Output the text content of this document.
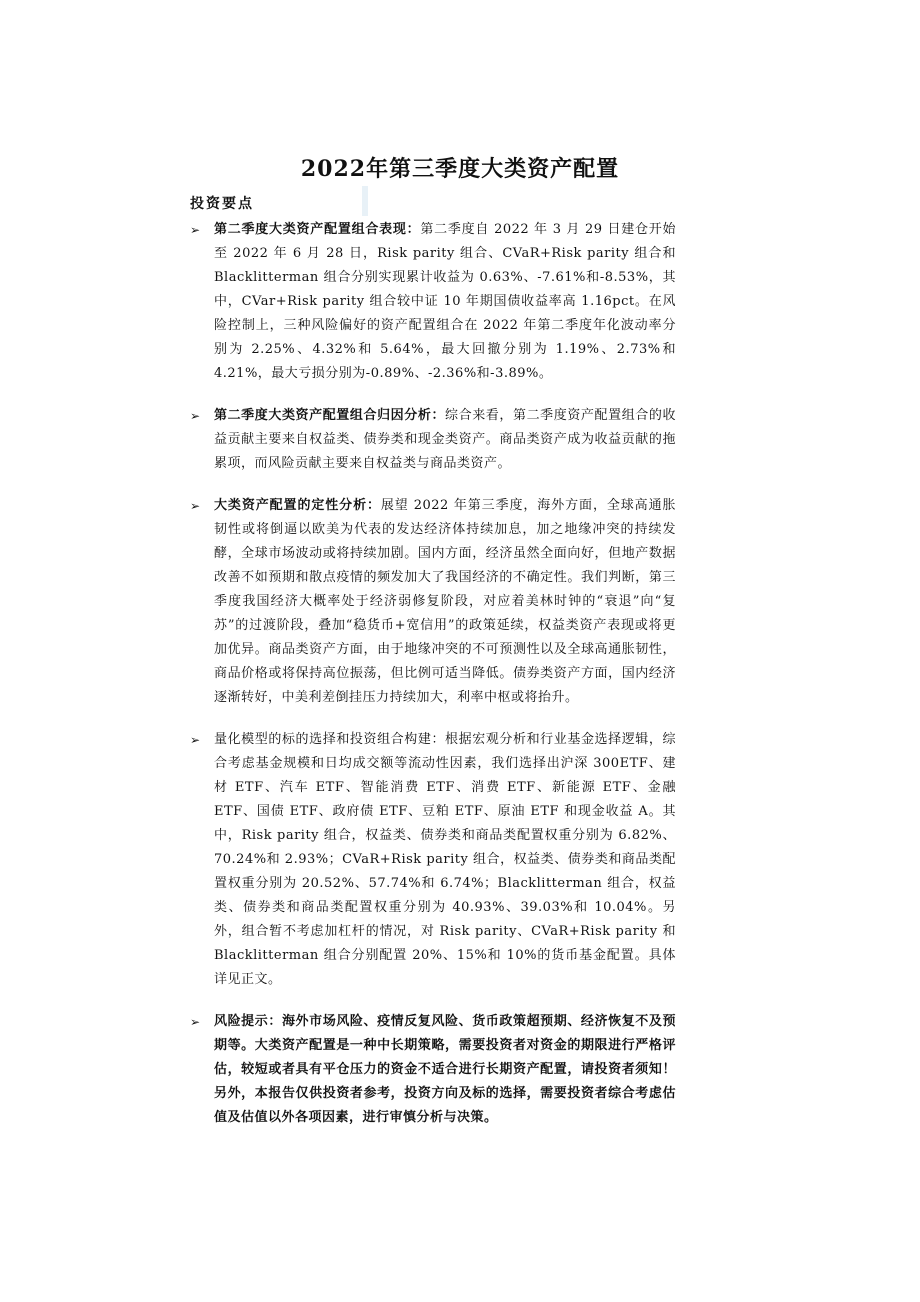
2022年第三季度大类资产配置
投资要点
➢ 第二季度大类资产配置组合表现：第二季度自 2022 年 3 月 29 日建仓开始至 2022 年 6 月 28 日，Risk parity 组合、CVaR+Risk parity 组合和 Blacklitterman 组合分别实现累计收益为 0.63%、-7.61%和-8.53%，其中，CVar+Risk parity 组合较中证 10 年期国债收益率高 1.16pct。在风险控制上，三种风险偏好的资产配置组合在 2022 年第二季度年化波动率分别为 2.25%、4.32%和 5.64%，最大回撤分别为 1.19%、2.73%和 4.21%，最大亏损分别为-0.89%、-2.36%和-3.89%。
➢ 第二季度大类资产配置组合归因分析：综合来看，第二季度资产配置组合的收益贡献主要来自权益类、债券类和现金类资产。商品类资产成为收益贡献的拖累项，而风险贡献主要来自权益类与商品类资产。
➢ 大类资产配置的定性分析：展望 2022 年第三季度，海外方面，全球高通胀韧性或将倒逼以欧美为代表的发达经济体持续加息，加之地缘冲突的持续发酵，全球市场波动或将持续加剧。国内方面，经济虽然全面向好，但地产数据改善不如预期和散点疫情的频发加大了我国经济的不确定性。我们判断，第三季度我国经济大概率处于经济弱修复阶段，对应着美林时钟的“衰退”向“复苏”的过渡阶段，叠加“稳货币+宽信用”的政策延续，权益类资产表现或将更加优异。商品类资产方面，由于地缘冲突的不可预测性以及全球高通胀韧性，商品价格或将保持高位振荡，但比例可适当降低。债券类资产方面，国内经济逐渐转好，中美利差倒挂压力持续加大，利率中枢或将抬升。
➢ 量化模型的标的选择和投资组合构建：根据宏观分析和行业基金选择逻辑，综合考虑基金规模和日均成交额等流动性因素，我们选择出沪深 300ETF、建材 ETF、汽车 ETF、智能消费 ETF、消费 ETF、新能源 ETF、金融 ETF、国债 ETF、政府债 ETF、豆粕 ETF、原油 ETF 和现金收益 A。其中，Risk parity 组合，权益类、债券类和商品类配置权重分别为 6.82%、70.24%和 2.93%；CVaR+Risk parity 组合，权益类、债券类和商品类配置权重分别为 20.52%、57.74%和 6.74%；Blacklitterman 组合，权益类、债券类和商品类配置权重分别为 40.93%、39.03%和 10.04%。另外，组合暂不考虑加杠杆的情况，对 Risk parity、CVaR+Risk parity 和 Blacklitterman 组合分别配置 20%、15%和 10%的货币基金配置。具体详见正文。
➢ 风险提示：海外市场风险、疫情反复风险、货币政策超预期、经济恢复不及预期等。大类资产配置是一种中长期策略，需要投资者对资金的期限进行严格评估，较短或者具有平仓压力的资金不适合进行长期资产配置，请投资者须知！另外，本报告仅供投资者参考，投资方向及标的选择，需要投资者综合考虑估值及估值以外各项因素，进行审慎分析与决策。
